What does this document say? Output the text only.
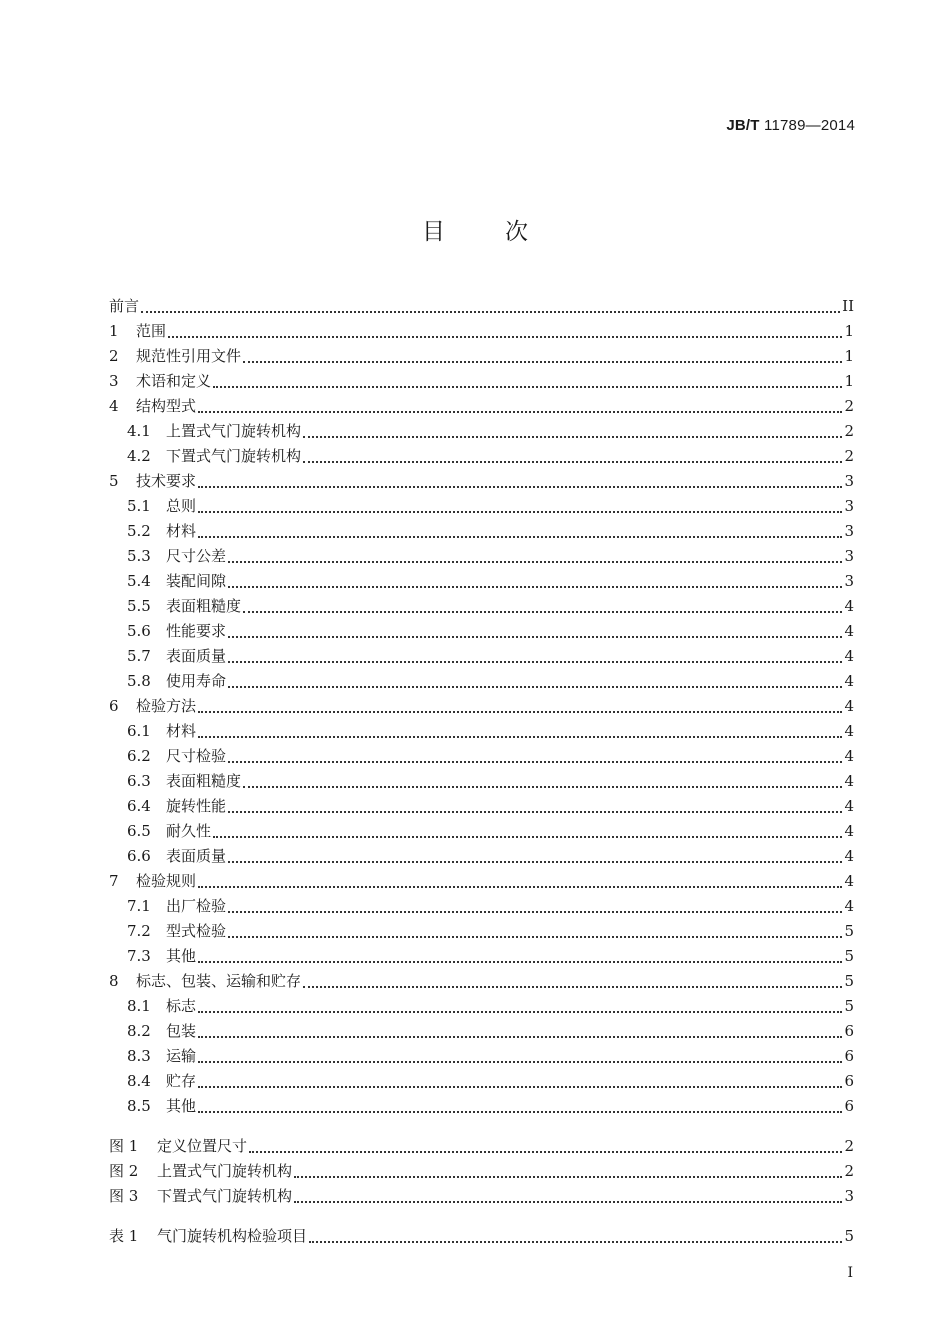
JB/T 11789—2014
目次
前言	II
1	范围	1
2	规范性引用文件	1
3	术语和定义	1
4	结构型式	2
4.1	上置式气门旋转机构	2
4.2	下置式气门旋转机构	2
5	技术要求	3
5.1	总则	3
5.2	材料	3
5.3	尺寸公差	3
5.4	装配间隙	3
5.5	表面粗糙度	4
5.6	性能要求	4
5.7	表面质量	4
5.8	使用寿命	4
6	检验方法	4
6.1	材料	4
6.2	尺寸检验	4
6.3	表面粗糙度	4
6.4	旋转性能	4
6.5	耐久性	4
6.6	表面质量	4
7	检验规则	4
7.1	出厂检验	4
7.2	型式检验	5
7.3	其他	5
8	标志、包装、运输和贮存	5
8.1	标志	5
8.2	包装	6
8.3	运输	6
8.4	贮存	6
8.5	其他	6
图 1	定义位置尺寸	2
图 2	上置式气门旋转机构	2
图 3	下置式气门旋转机构	3
表 1	气门旋转机构检验项目	5
I
